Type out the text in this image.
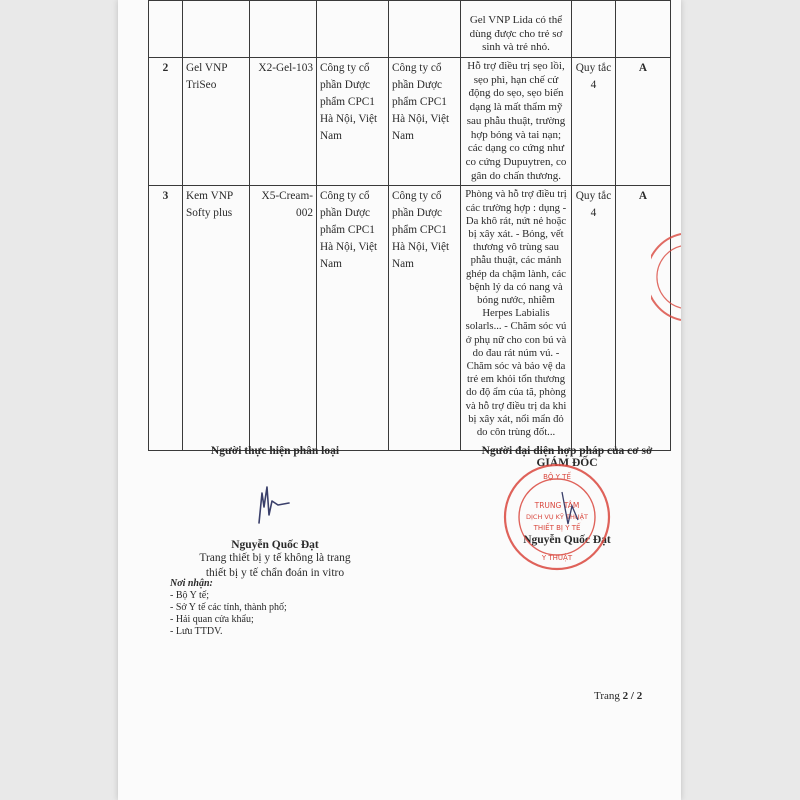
					Gel VNP Lida có thể dùng được cho trẻ sơ sinh và trẻ nhỏ.		

2	Gel VNP TriSeo	X2-Gel-103	Công ty cổ phần Dược phẩm CPC1 Hà Nội, Việt Nam	Công ty cổ phần Dược phẩm CPC1 Hà Nội, Việt Nam	Hỗ trợ điều trị sẹo lồi, sẹo phì, hạn chế cử động do sẹo, sẹo biến dạng là mất thẩm mỹ sau phẫu thuật, trường hợp bỏng và tai nạn; các dạng co cứng như co cứng Dupuytren, co gân do chấn thương.	Quy tắc 4	A
3	Kem VNP Softy plus	X5-Cream-002	Công ty cổ phần Dược phẩm CPC1 Hà Nội, Việt Nam	Công ty cổ phần Dược phẩm CPC1 Hà Nội, Việt Nam	Phòng và hỗ trợ điều trị các trường hợp : dụng - Da khô rát, nứt nẻ hoặc bị xây xát. - Bỏng, vết thương vô trùng sau phẫu thuật, các mảnh ghép da chậm lành, các bệnh lý da có nang và bóng nước, nhiễm Herpes Labialis solarls... - Chăm sóc vú ở phụ nữ cho con bú và do đau rát núm vú. - Chăm sóc và bảo vệ da trẻ em khỏi tổn thương do độ ẩm của tã, phòng và hỗ trợ điều trị da khi bị xây xát, nổi mẩn đỏ do côn trùng đốt...	Quy tắc 4	A
Người thực hiện phân loại
Nguyễn Quốc Đạt
Trang thiết bị y tế không là trang thiết bị y tế chẩn đoán in vitro
Người đại diện hợp pháp của cơ sở
GIÁM ĐỐC
Nguyễn Quốc Đạt
BỘ Y TẾ
Y THUẬT
TRUNG TÂM
DỊCH VỤ KỸ THUẬT
THIẾT BỊ Y TẾ
Nơi nhận:
- Bộ Y tế;
- Sở Y tế các tỉnh, thành phố;
- Hải quan cửa khẩu;
- Lưu TTDV.
Trang 2 / 2
